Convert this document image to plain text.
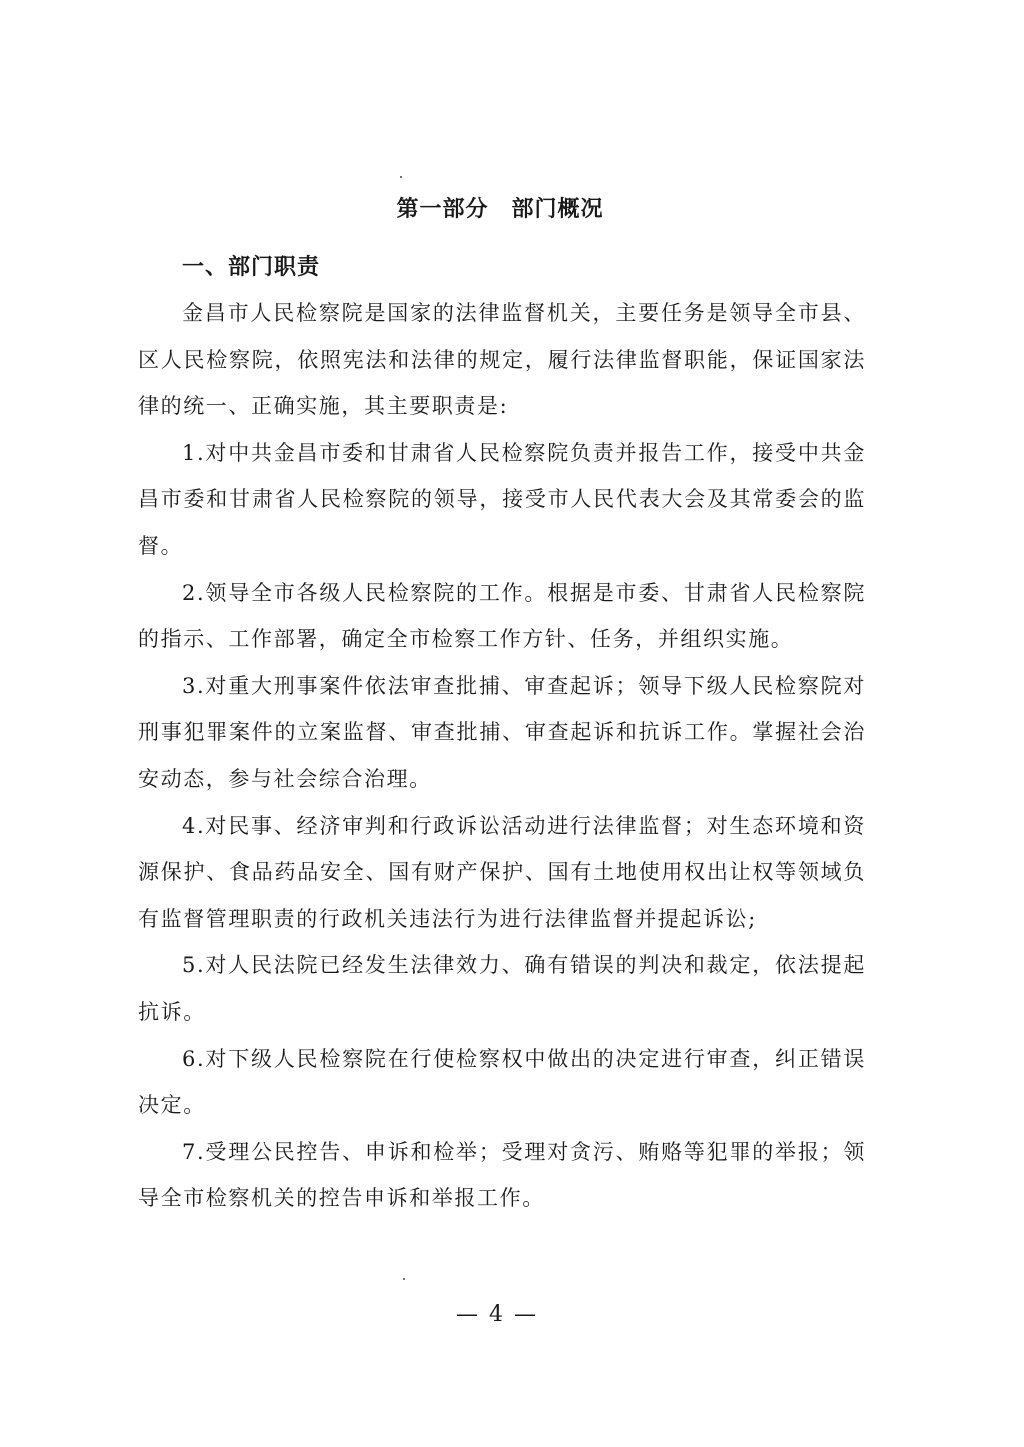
第一部分　部门概况
一、部门职责

金昌市人民检察院是国家的法律监督机关，主要任务是领导全市县、区人民检察院，依照宪法和法律的规定，履行法律监督职能，保证国家法律的统一、正确实施，其主要职责是:

1.对中共金昌市委和甘肃省人民检察院负责并报告工作，接受中共金昌市委和甘肃省人民检察院的领导，接受市人民代表大会及其常委会的监督。

2.领导全市各级人民检察院的工作。根据是市委、甘肃省人民检察院的指示、工作部署，确定全市检察工作方针、任务，并组织实施。

3.对重大刑事案件依法审查批捕、审查起诉；领导下级人民检察院对刑事犯罪案件的立案监督、审查批捕、审查起诉和抗诉工作。掌握社会治安动态，参与社会综合治理。

4.对民事、经济审判和行政诉讼活动进行法律监督；对生态环境和资源保护、食品药品安全、国有财产保护、国有土地使用权出让权等领域负有监督管理职责的行政机关违法行为进行法律监督并提起诉讼;

5.对人民法院已经发生法律效力、确有错误的判决和裁定，依法提起抗诉。

6.对下级人民检察院在行使检察权中做出的决定进行审查，纠正错误决定。

7.受理公民控告、申诉和检举；受理对贪污、贿赂等犯罪的举报；领导全市检察机关的控告申诉和举报工作。

— 4 —
